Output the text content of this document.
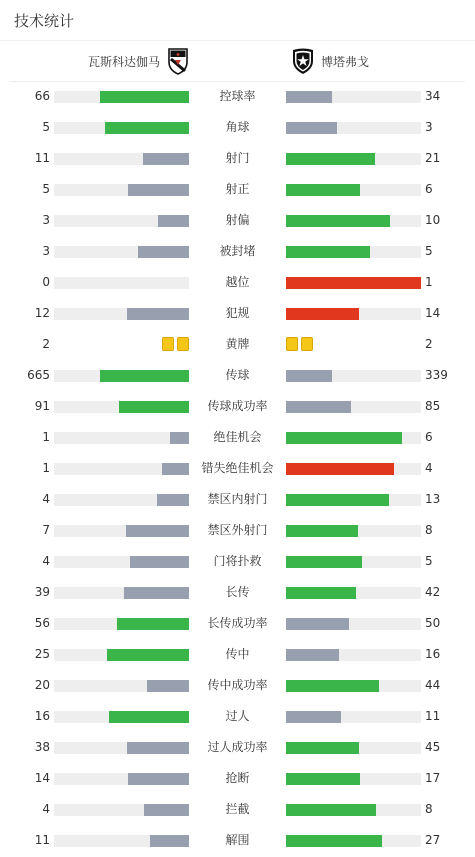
技术统计
瓦斯科达伽马	博塔弗戈
66	控球率	34
5	角球	3
11	射门	21
5	射正	6
3	射偏	10
3	被封堵	5
0	越位	1
12	犯规	14
2	黄牌	2
665	传球	339
91	传球成功率	85
1	绝佳机会	6
1	错失绝佳机会	4
4	禁区内射门	13
7	禁区外射门	8
4	门将扑救	5
39	长传	42
56	长传成功率	50
25	传中	16
20	传中成功率	44
16	过人	11
38	过人成功率	45
14	抢断	17
4	拦截	8
11	解围	27
